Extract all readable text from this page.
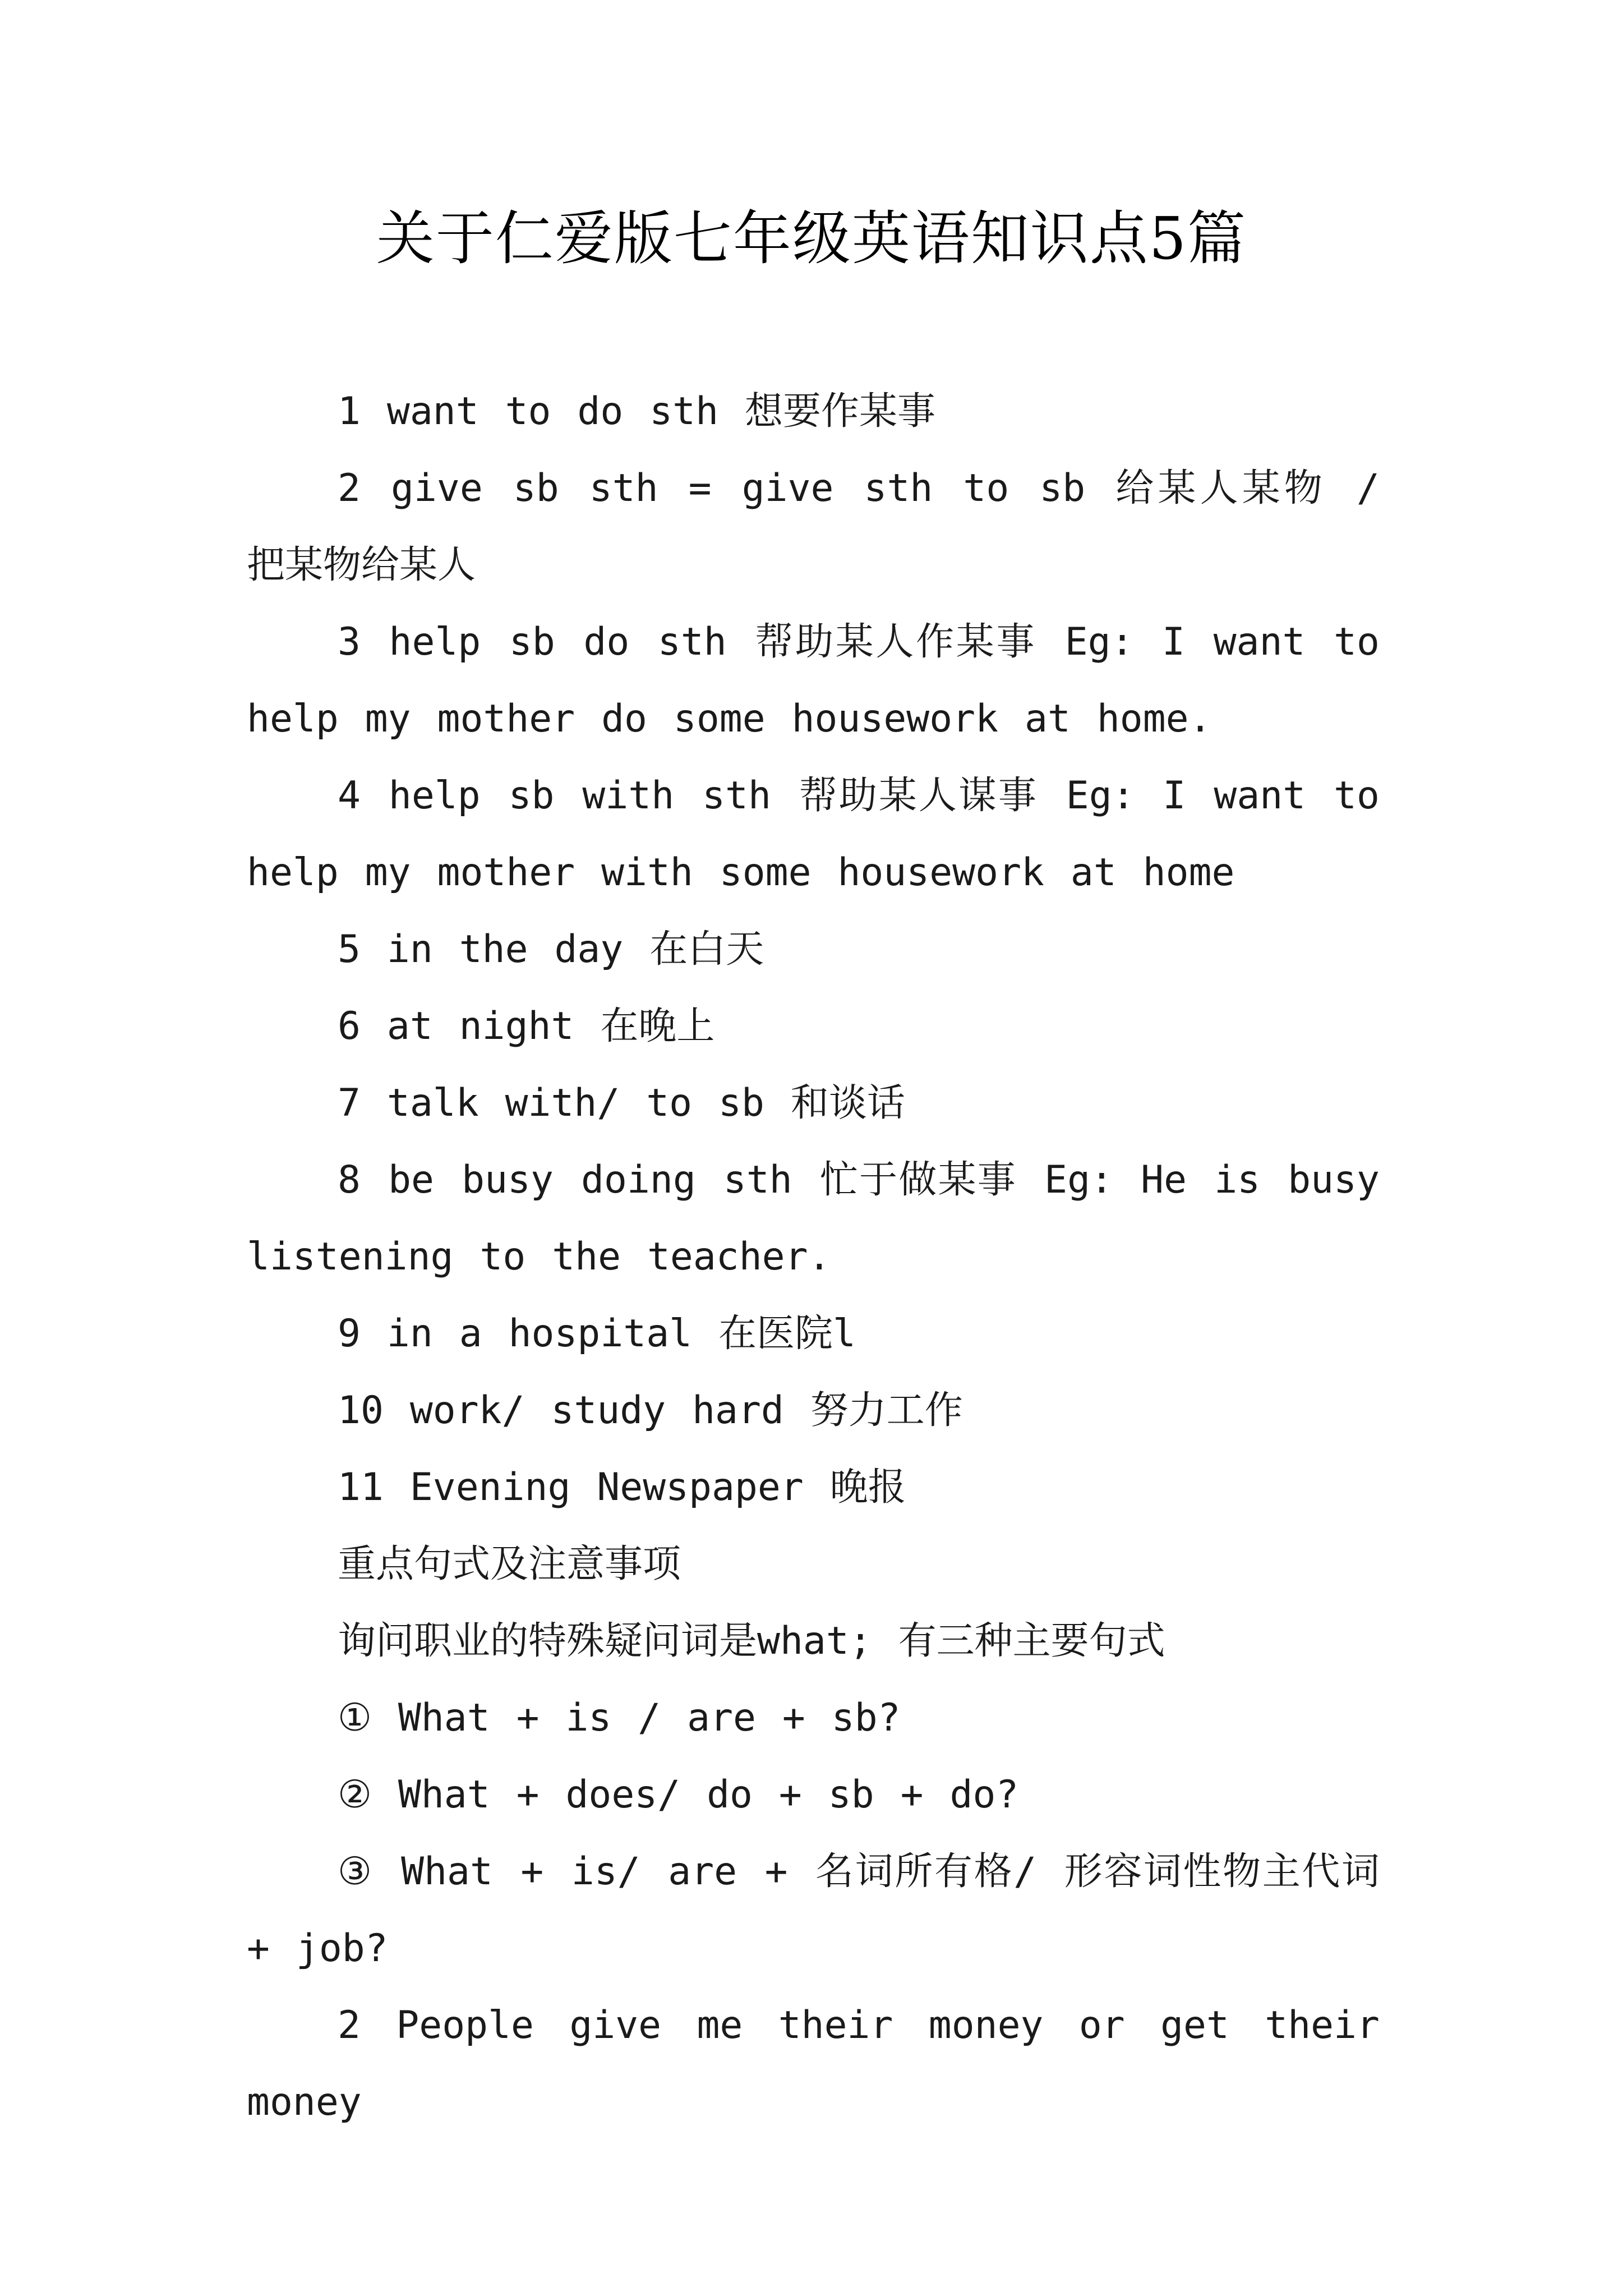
关于仁爱版七年级英语知识点5篇

1 want to do sth 想要作某事

2 give sb sth = give sth to sb 给某人某物 / 把某物给某人

3 help sb do sth 帮助某人作某事 Eg: I want to help my mother do some housework at home.

4 help sb with sth 帮助某人谋事 Eg: I want to help my mother with some housework at home

5 in the day 在白天

6 at night 在晚上

7 talk with/ to sb 和谈话

8 be busy doing sth 忙于做某事 Eg: He is busy listening to the teacher.

9 in a hospital 在医院l

10 work/ study hard 努力工作

11 Evening Newspaper 晚报

重点句式及注意事项

询问职业的特殊疑问词是what; 有三种主要句式

① What + is / are + sb?

② What + does/ do + sb + do?

③ What + is/ are + 名词所有格/ 形容词性物主代词 + job?

2 People give me their money or get their money
